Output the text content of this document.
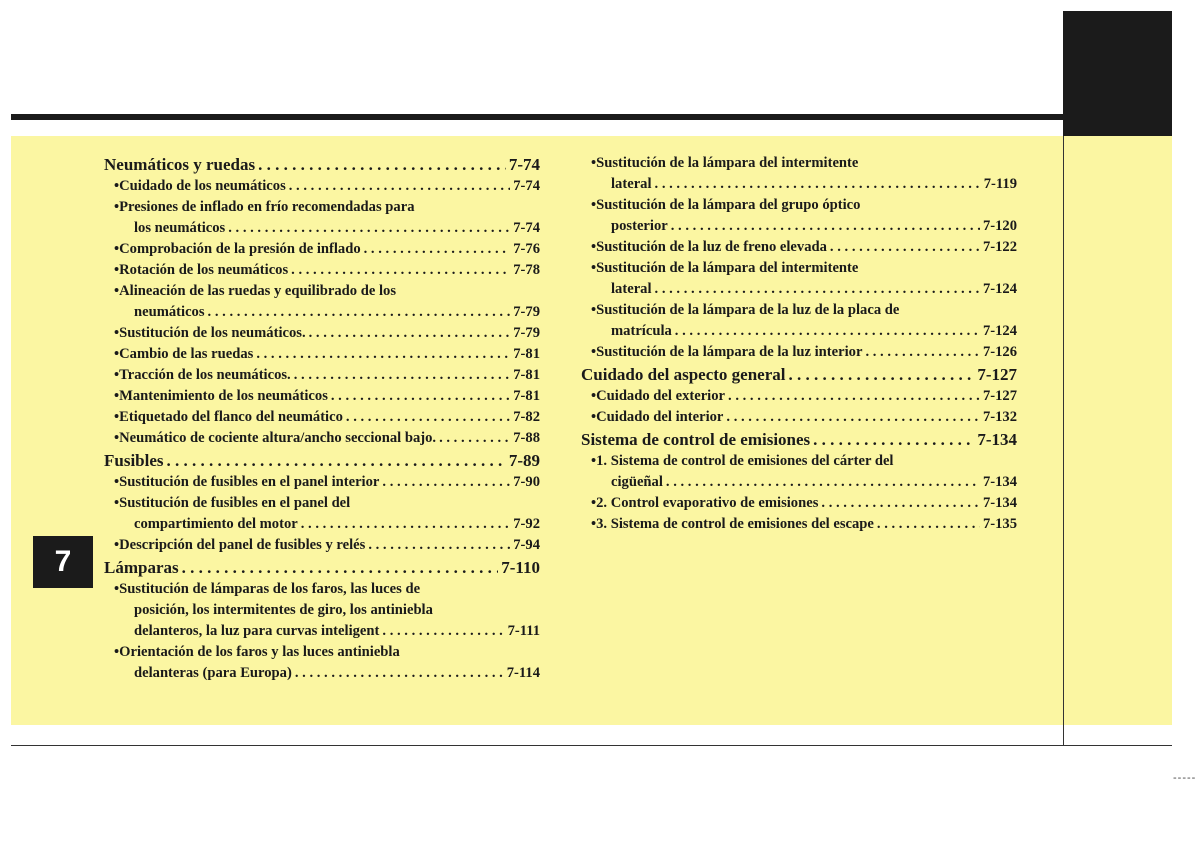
7
-----
Neumáticos y ruedas . . .	7-74
• Cuidado de los neumáticos . . .	7-74
• Presiones de inflado en frío recomendadas para
los neumáticos . . .	7-74
• Comprobación de la presión de inflado . . .	7-76
• Rotación de los neumáticos . . .	7-78
• Alineación de las ruedas y equilibrado de los
neumáticos . . .	7-79
• Sustitución de los neumáticos. . . .	7-79
• Cambio de las ruedas . . .	7-81
• Tracción de los neumáticos. . . .	7-81
• Mantenimiento de los neumáticos . . .	7-81
• Etiquetado del flanco del neumático . . .	7-82
• Neumático de cociente altura/ancho seccional bajo. . . .	7-88
Fusibles . . .	7-89
• Sustitución de fusibles en el panel interior . . .	7-90
• Sustitución de fusibles en el panel del
compartimiento del motor . . .	7-92
• Descripción del panel de fusibles y relés . . .	7-94
Lámparas . . .	7-110
• Sustitución de lámparas de los faros, las luces de
posición, los intermitentes de giro, los antiniebla
delanteros, la luz para curvas inteligent . . .	7-111
• Orientación de los faros y las luces antiniebla
delanteras (para Europa) . . .	7-114
• Sustitución de la lámpara del intermitente
lateral . . .	7-119
• Sustitución de la lámpara del grupo óptico
posterior . . .	7-120
• Sustitución de la luz de freno elevada . . .	7-122
• Sustitución de la lámpara del intermitente
lateral . . .	7-124
• Sustitución de la lámpara de la luz de la placa de
matrícula . . .	7-124
• Sustitución de la lámpara de la luz interior . . .	7-126
Cuidado del aspecto general . . .	7-127
• Cuidado del exterior . . .	7-127
• Cuidado del interior . . .	7-132
Sistema de control de emisiones . . .	7-134
• 1. Sistema de control de emisiones del cárter del
cigüeñal . . .	7-134
• 2. Control evaporativo de emisiones . . .	7-134
• 3. Sistema de control de emisiones del escape . . .	7-135
